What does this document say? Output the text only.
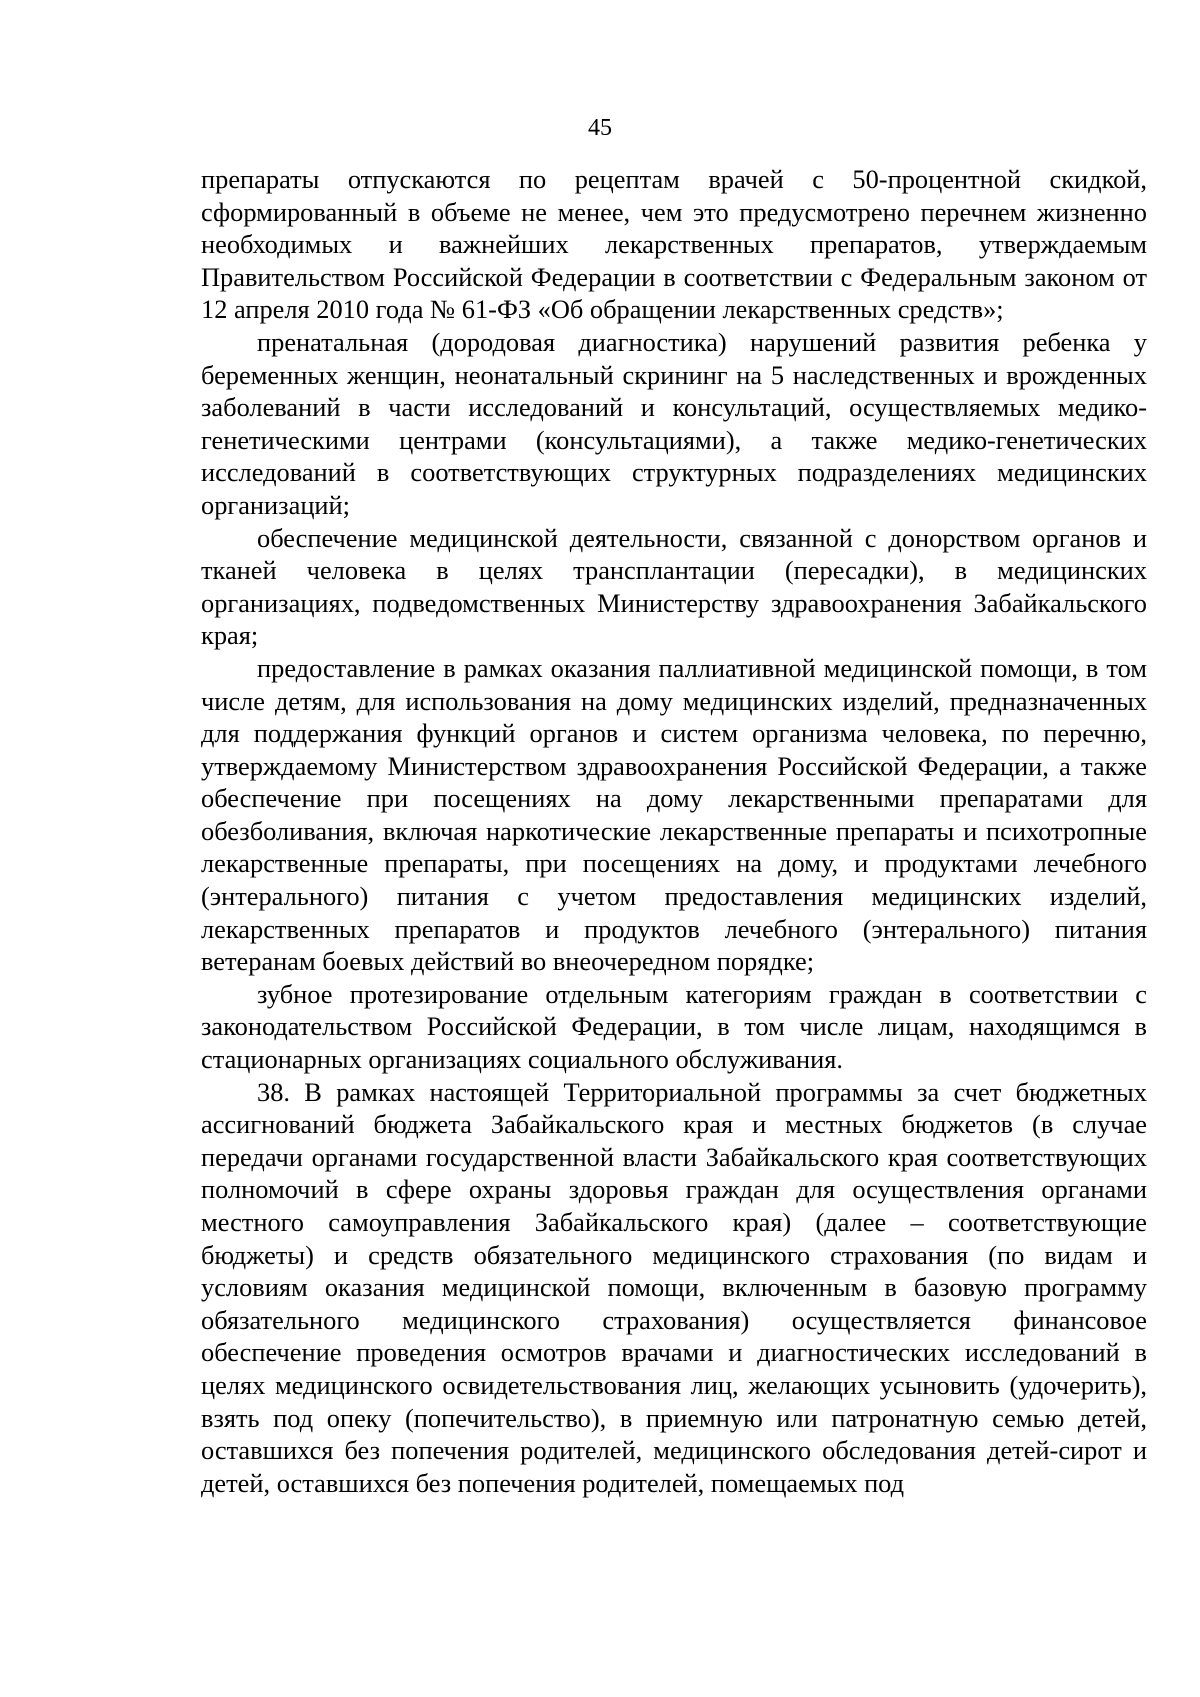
45

препараты отпускаются по рецептам врачей с 50-процентной скидкой, сформированный в объеме не менее, чем это предусмотрено перечнем жизненно необходимых и важнейших лекарственных препаратов, утверждаемым Правительством Российской Федерации в соответствии с Федеральным законом от 12 апреля 2010 года № 61-ФЗ «Об обращении лекарственных средств»;

пренатальная (дородовая диагностика) нарушений развития ребенка у беременных женщин, неонатальный скрининг на 5 наследственных и врожденных заболеваний в части исследований и консультаций, осуществляемых медико-генетическими центрами (консультациями), а также медико-генетических исследований в соответствующих структурных подразделениях медицинских организаций;

обеспечение медицинской деятельности, связанной с донорством органов и тканей человека в целях трансплантации (пересадки), в медицинских организациях, подведомственных Министерству здравоохранения Забайкальского края;

предоставление в рамках оказания паллиативной медицинской помощи, в том числе детям, для использования на дому медицинских изделий, предназначенных для поддержания функций органов и систем организма человека, по перечню, утверждаемому Министерством здравоохранения Российской Федерации, а также обеспечение при посещениях на дому лекарственными препаратами для обезболивания, включая наркотические лекарственные препараты и психотропные лекарственные препараты, при посещениях на дому, и продуктами лечебного (энтерального) питания с учетом предоставления медицинских изделий, лекарственных препаратов и продуктов лечебного (энтерального) питания ветеранам боевых действий во внеочередном порядке;

зубное протезирование отдельным категориям граждан в соответствии с законодательством Российской Федерации, в том числе лицам, находящимся в стационарных организациях социального обслуживания.

38. В рамках настоящей Территориальной программы за счет бюджетных ассигнований бюджета Забайкальского края и местных бюджетов (в случае передачи органами государственной власти Забайкальского края соответствующих полномочий в сфере охраны здоровья граждан для осуществления органами местного самоуправления Забайкальского края) (далее – соответствующие бюджеты) и средств обязательного медицинского страхования (по видам и условиям оказания медицинской помощи, включенным в базовую программу обязательного медицинского страхования) осуществляется финансовое обеспечение проведения осмотров врачами и диагностических исследований в целях медицинского освидетельствования лиц, желающих усыновить (удочерить), взять под опеку (попечительство), в приемную или патронатную семью детей, оставшихся без попечения родителей, медицинского обследования детей-сирот и детей, оставшихся без попечения родителей, помещаемых под
